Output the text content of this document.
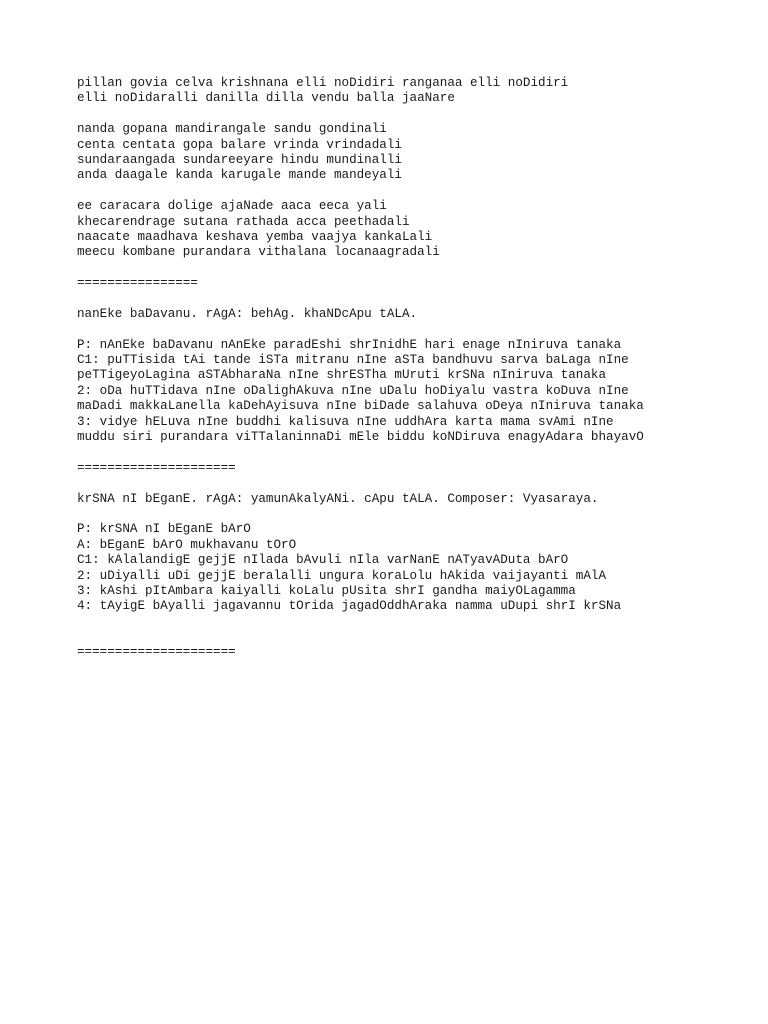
pillan govia celva krishnana elli noDidiri ranganaa elli noDidiri
elli noDidaralli danilla dilla vendu balla jaaNare
nanda gopana mandirangale sandu gondinali
centa centata gopa balare vrinda vrindadali
sundaraangada sundareeyare hindu mundinalli
anda daagale kanda karugale mande mandeyali
ee caracara dolige ajaNade aaca eeca yali
khecarendrage sutana rathada acca peethadali
naacate maadhava keshava yemba vaajya kankaLali
meecu kombane purandara vithalana locanaagradali
================
nanEke baDavanu. rAgA: behAg. khaNDcApu tALA.
P: nAnEke baDavanu nAnEke paradEshi shrInidhE hari enage nIniruva tanaka
C1: puTTisida tAi tande iSTa mitranu nIne aSTa bandhuvu sarva baLaga nIne
peTTigeyoLagina aSTAbharaNa nIne shrESTha mUruti krSNa nIniruva tanaka
2: oDa huTTidava nIne oDalighAkuva nIne uDalu hoDiyalu vastra koDuva nIne
maDadi makkaLanella kaDehAyisuva nIne biDade salahuva oDeya nIniruva tanaka
3: vidye hELuva nIne buddhi kalisuva nIne uddhAra karta mama svAmi nIne
muddu siri purandara viTTalaninnaDi mEle biddu koNDiruva enagyAdara bhayavO
=====================
krSNA nI bEganE. rAgA: yamunAkalyANi. cApu tALA. Composer: Vyasaraya.
P: krSNA nI bEganE bArO
A: bEganE bArO mukhavanu tOrO
C1: kAlalandigE gejjE nIlada bAvuli nIla varNanE nATyavADuta bArO
2: uDiyalli uDi gejjE beralalli ungura koraLolu hAkida vaijayanti mAlA
3: kAshi pItAmbara kaiyalli koLalu pUsita shrI gandha maiyOLagamma
4: tAyigE bAyalli jagavannu tOrida jagadOddhAraka namma uDupi shrI krSNa
=====================
